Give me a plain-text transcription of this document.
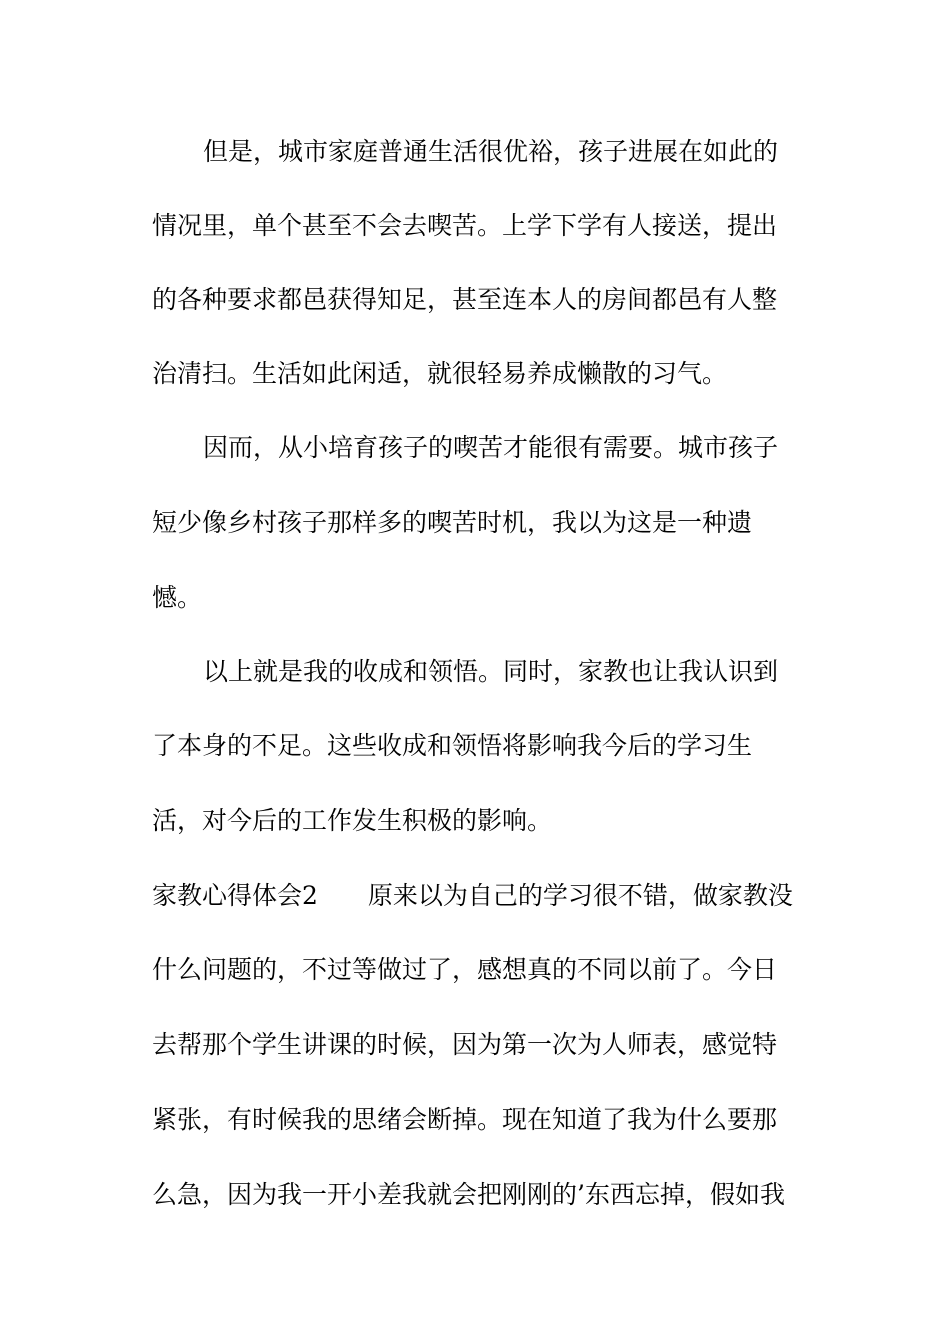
但是，城市家庭普通生活很优裕，孩子进展在如此的
情况里，单个甚至不会去喫苦。上学下学有人接送，提出
的各种要求都邑获得知足，甚至连本人的房间都邑有人整
治清扫。生活如此闲适，就很轻易养成懒散的习气。
因而，从小培育孩子的喫苦才能很有需要。城市孩子
短少像乡村孩子那样多的喫苦时机，我以为这是一种遗
憾。
以上就是我的收成和领悟。同时，家教也让我认识到
了本身的不足。这些收成和领悟将影响我今后的学习生
活，对今后的工作发生积极的影响。
家教心得体会2　　原来以为自己的学习很不错，做家教没
什么问题的，不过等做过了，感想真的不同以前了。今日
去帮那个学生讲课的时候，因为第一次为人师表，感觉特
紧张，有时候我的思绪会断掉。现在知道了我为什么要那
么急，因为我一开小差我就会把刚刚的’东西忘掉，假如我
